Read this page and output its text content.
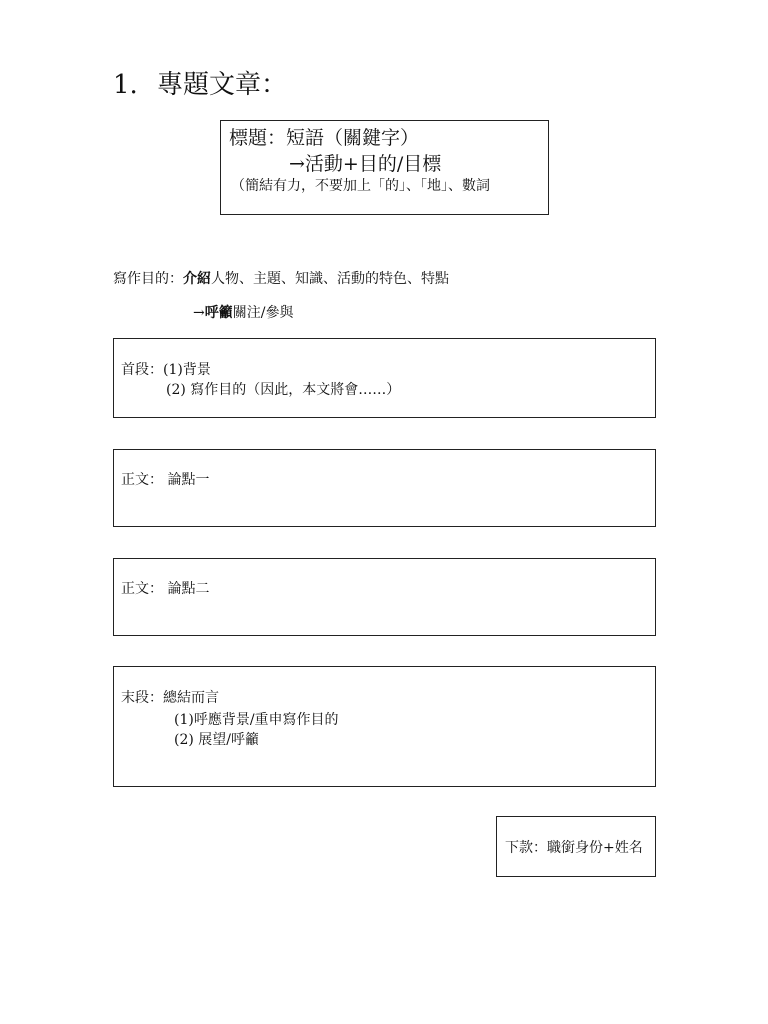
1. 專題文章：
標題：短語（關鍵字）
→活動+目的/目標
（簡結有力，不要加上「的」、「地」、數詞
寫作目的：介紹人物、主題、知識、活動的特色、特點
→呼籲關注/參與
首段：(1)背景
(2) 寫作目的（因此，本文將會……）
正文： 論點一
正文： 論點二
末段：總結而言
(1)呼應背景/重申寫作目的
(2) 展望/呼籲
下款：職銜身份+姓名
